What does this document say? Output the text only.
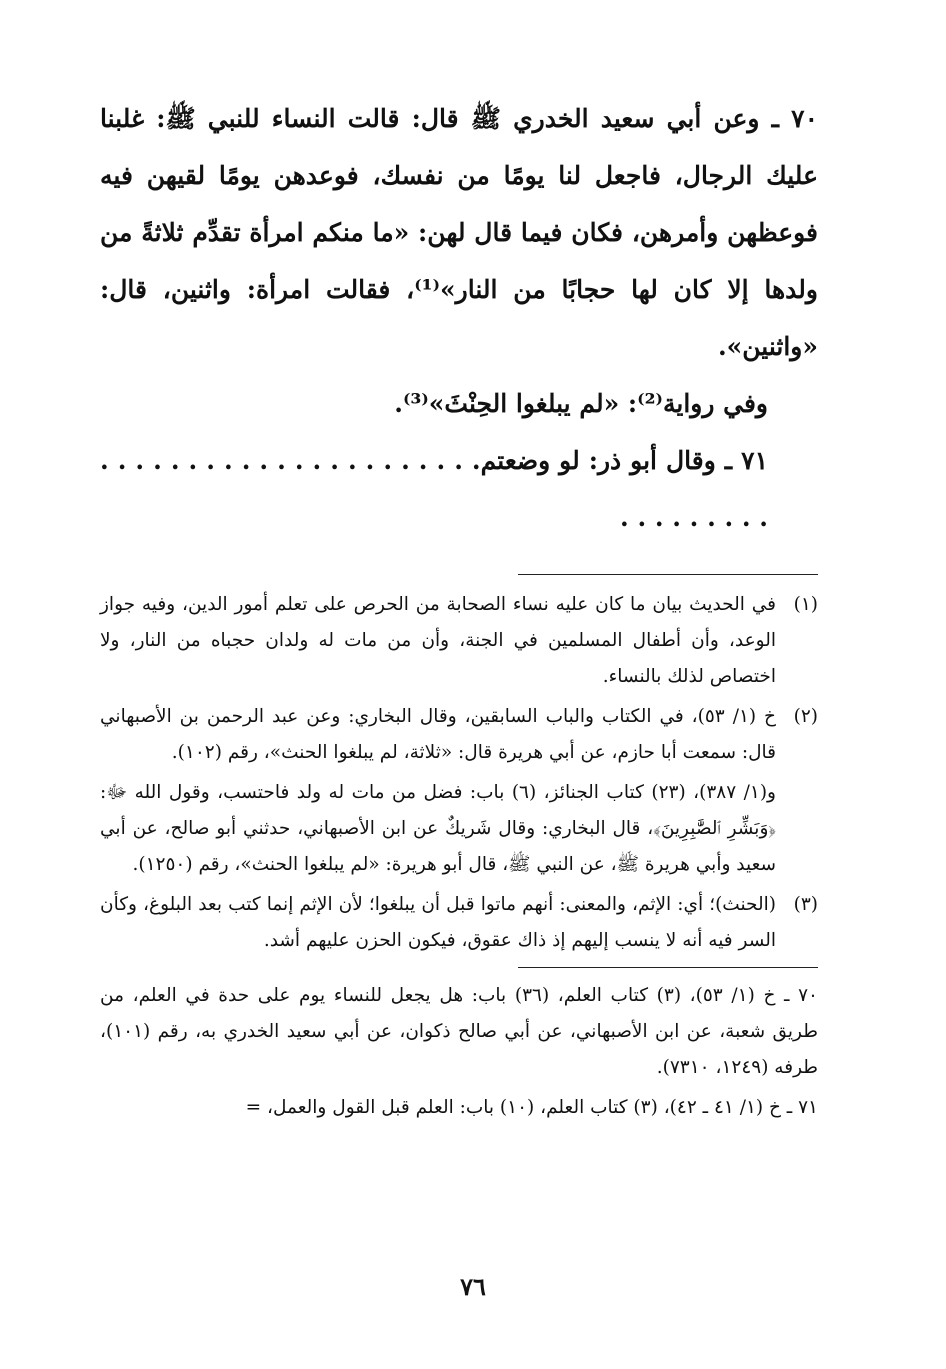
٧٠ ـ وعن أبي سعيد الخدري ﷺ قال: قالت النساء للنبي ﷺ: غلبنا عليك الرجال، فاجعل لنا يومًا من نفسك، فوعدهن يومًا لقيهن فيه فوعظهن وأمرهن، فكان فيما قال لهن: «ما منكم امرأة تقدِّم ثلاثةً من ولدها إلا كان لها حجابًا من النار»⁽¹⁾، فقالت امرأة: واثنين، قال: «واثنين».

وفي رواية⁽²⁾: «لم يبلغوا الحِنْثَ»⁽³⁾.

٧١ ـ وقال أبو ذر: لو وضعتم. . . . . . . . . . . . . . . . . . . . . . . . . . . . . . .

(١)

في الحديث بيان ما كان عليه نساء الصحابة من الحرص على تعلم أمور الدين، وفيه جواز الوعد، وأن أطفال المسلمين في الجنة، وأن من مات له ولدان حجباه من النار، ولا اختصاص لذلك بالنساء.

(٢)

خ (١/ ٥٣)، في الكتاب والباب السابقين، وقال البخاري: وعن عبد الرحمن بن الأصبهاني قال: سمعت أبا حازم، عن أبي هريرة قال: «ثلاثة، لم يبلغوا الحنث»، رقم (١٠٢).

و(١/ ٣٨٧)، (٢٣) كتاب الجنائز، (٦) باب: فضل من مات له ولد فاحتسب، وقول الله ﷻ: ﴿وَبَشِّرِ ٱلصَّٰبِرِينَ﴾، قال البخاري: وقال شَريكٌ عن ابن الأصبهاني، حدثني أبو صالح، عن أبي سعيد وأبي هريرة ﷺ، عن النبي ﷺ، قال أبو هريرة: «لم يبلغوا الحنث»، رقم (١٢٥٠).

(٣)

(الحنث)؛ أي: الإثم، والمعنى: أنهم ماتوا قبل أن يبلغوا؛ لأن الإثم إنما كتب بعد البلوغ، وكأن السر فيه أنه لا ينسب إليهم إذ ذاك عقوق، فيكون الحزن عليهم أشد.

٧٠ ـ خ (١/ ٥٣)، (٣) كتاب العلم، (٣٦) باب: هل يجعل للنساء يوم على حدة في العلم، من طريق شعبة، عن ابن الأصبهاني، عن أبي صالح ذكوان، عن أبي سعيد الخدري به، رقم (١٠١)، طرفه (١٢٤٩، ٧٣١٠).
٧١ ـ خ (١/ ٤١ ـ ٤٢)، (٣) كتاب العلم، (١٠) باب: العلم قبل القول والعمل، =
٧٦
